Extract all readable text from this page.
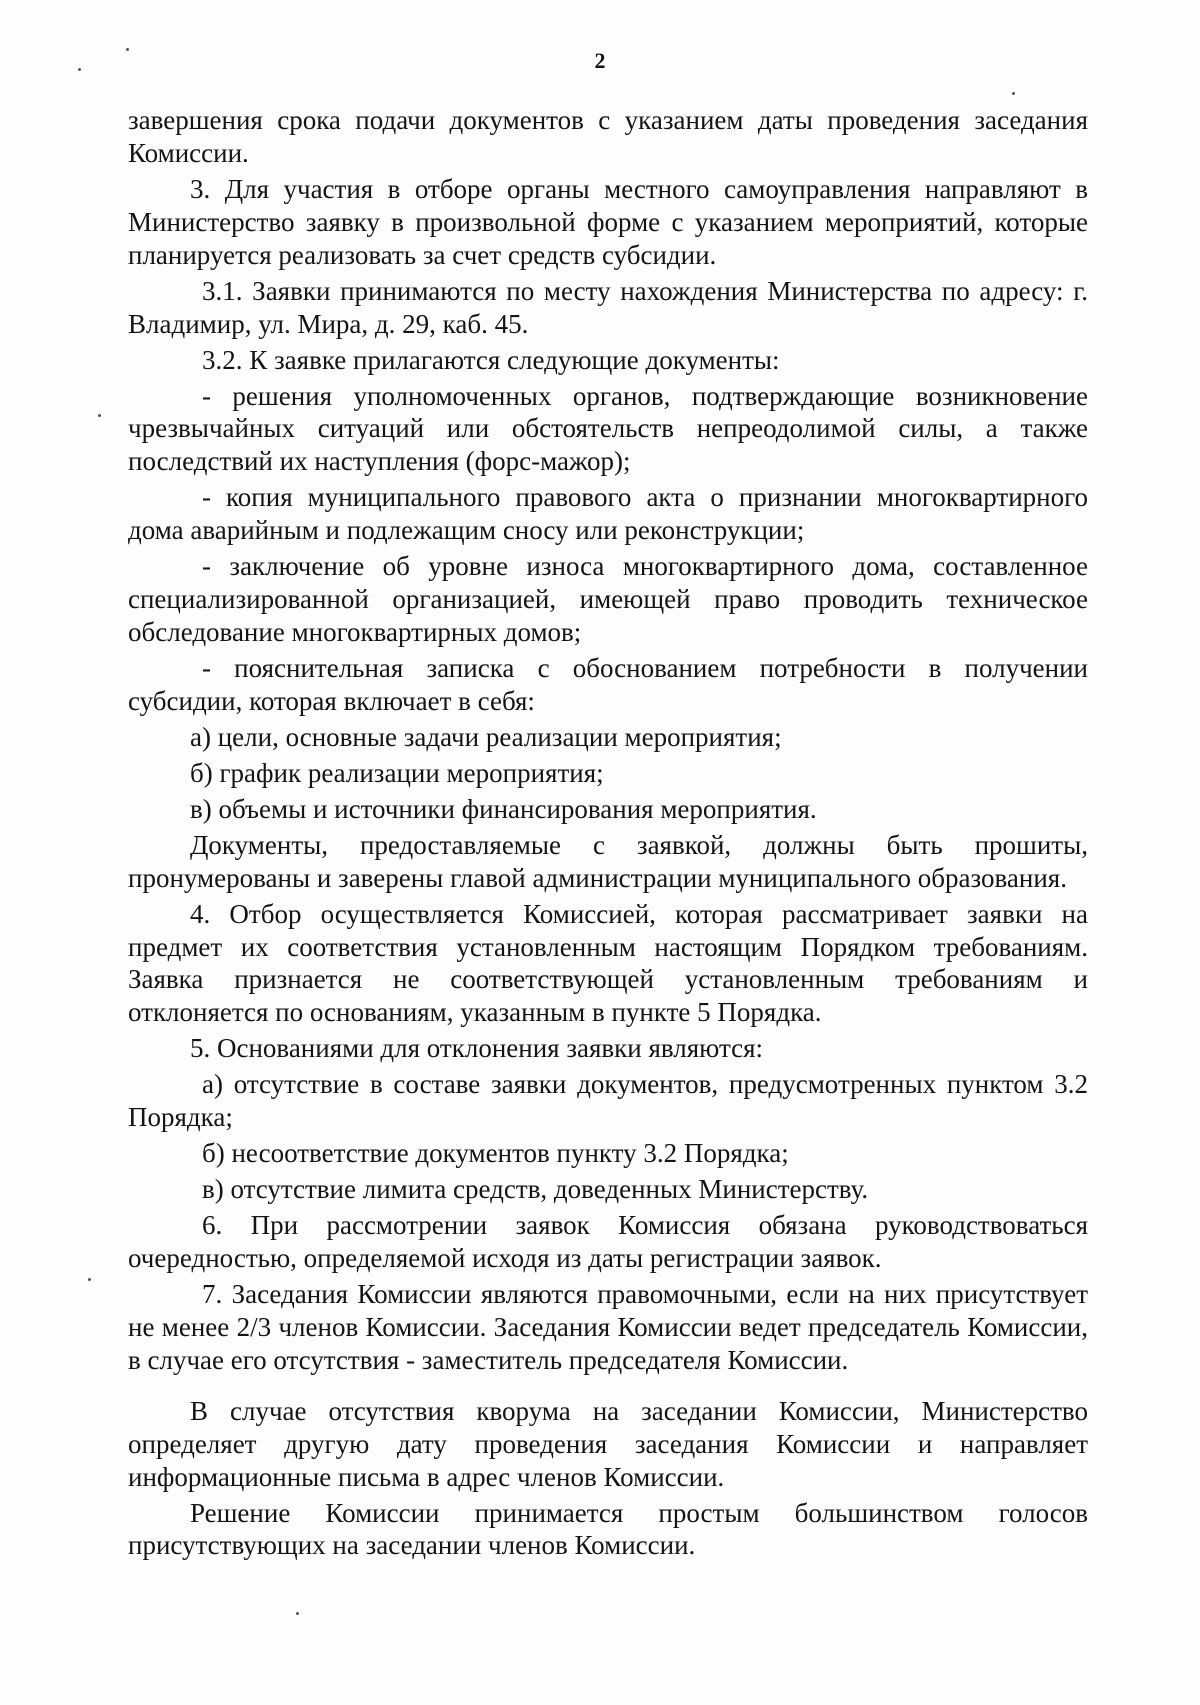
2

завершения срока подачи документов с указанием даты проведения заседания Комиссии.

3. Для участия в отборе органы местного самоуправления направляют в Министерство заявку в произвольной форме с указанием мероприятий, которые планируется реализовать за счет средств субсидии.

3.1. Заявки принимаются по месту нахождения Министерства по адресу: г. Владимир, ул. Мира, д. 29, каб. 45.

3.2. К заявке прилагаются следующие документы:

- решения уполномоченных органов, подтверждающие возникновение чрезвычайных ситуаций или обстоятельств непреодолимой силы, а также последствий их наступления (форс-мажор);

- копия муниципального правового акта о признании многоквартирного дома аварийным и подлежащим сносу или реконструкции;

- заключение об уровне износа многоквартирного дома, составленное специализированной организацией, имеющей право проводить техническое обследование многоквартирных домов;

- пояснительная записка с обоснованием потребности в получении субсидии, которая включает в себя:

а) цели, основные задачи реализации мероприятия;

б) график реализации мероприятия;

в) объемы и источники финансирования мероприятия.

Документы, предоставляемые с заявкой, должны быть прошиты, пронумерованы и заверены главой администрации муниципального образования.

4. Отбор осуществляется Комиссией, которая рассматривает заявки на предмет их соответствия установленным настоящим Порядком требованиям. Заявка признается не соответствующей установленным требованиям и отклоняется по основаниям, указанным в пункте 5 Порядка.

5. Основаниями для отклонения заявки являются:

а) отсутствие в составе заявки документов, предусмотренных пунктом 3.2 Порядка;

б) несоответствие документов пункту 3.2 Порядка;

в) отсутствие лимита средств, доведенных Министерству.

6. При рассмотрении заявок Комиссия обязана руководствоваться очередностью, определяемой исходя из даты регистрации заявок.

7. Заседания Комиссии являются правомочными, если на них присутствует не менее 2/3 членов Комиссии. Заседания Комиссии ведет председатель Комиссии, в случае его отсутствия - заместитель председателя Комиссии.

В случае отсутствия кворума на заседании Комиссии, Министерство определяет другую дату проведения заседания Комиссии и направляет информационные письма в адрес членов Комиссии.

Решение Комиссии принимается простым большинством голосов присутствующих на заседании членов Комиссии.
